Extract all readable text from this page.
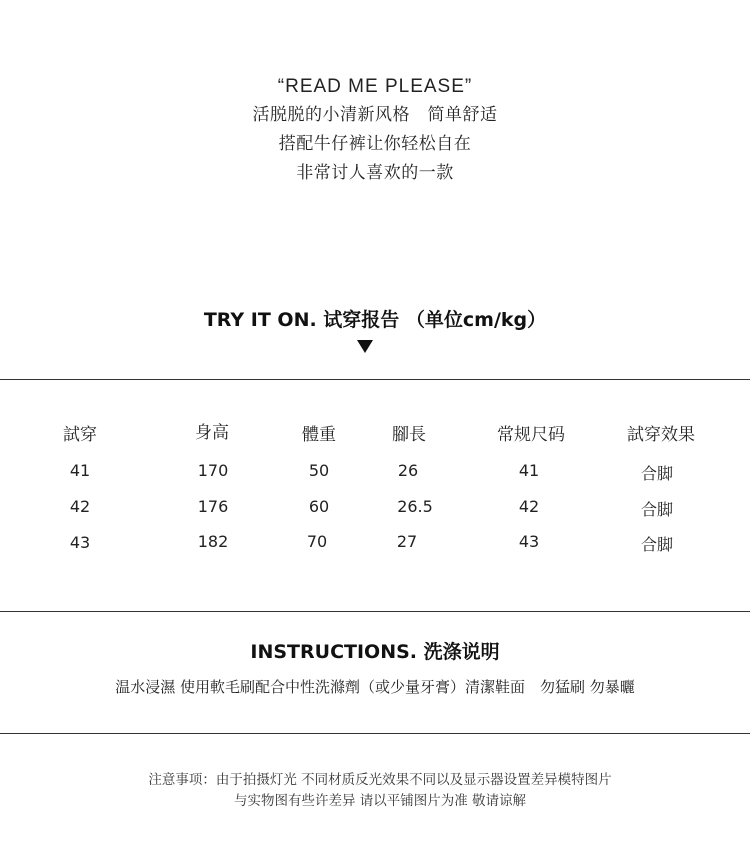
“READ ME PLEASE”
活脱脱的小清新风格　简单舒适
搭配牛仔裤让你轻松自在
非常讨人喜欢的一款
TRY IT ON. 试穿报告 （单位cm/kg）
試穿	身高	體重	腳長	常规尺码	試穿效果
41	170	50	26	41	合脚
42	176	60	26.5	42	合脚
43	182	70	27	43	合脚
INSTRUCTIONS. 洗涤说明
温水浸濕 使用軟毛刷配合中性洗滌劑（或少量牙膏）清潔鞋面　勿猛刷 勿暴曬
注意事项：由于拍摄灯光 不同材质反光效果不同以及显示器设置差异模特图片
与实物图有些许差异 请以平铺图片为准 敬请谅解
